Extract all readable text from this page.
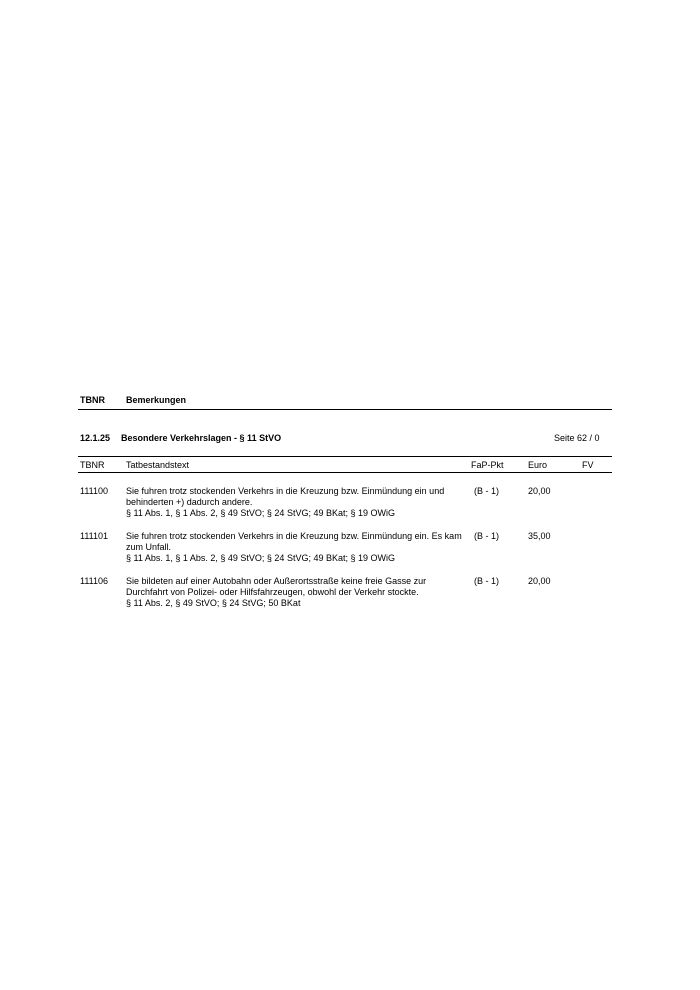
TBNR Bemerkungen
12.1.25 Besondere Verkehrslagen - § 11 StVO	Seite 62 / 0
TBNR Tatbestandstext	FaP-Pkt	Euro	FV
111100 Sie fuhren trotz stockenden Verkehrs in die Kreuzung bzw. Einmündung ein und behinderten +) dadurch andere.
§ 11 Abs. 1, § 1 Abs. 2, § 49 StVO; § 24 StVG; 49 BKat; § 19 OWiG
(B - 1)	20,00
111101 Sie fuhren trotz stockenden Verkehrs in die Kreuzung bzw. Einmündung ein. Es kam zum Unfall.
§ 11 Abs. 1, § 1 Abs. 2, § 49 StVO; § 24 StVG; 49 BKat; § 19 OWiG
(B - 1)	35,00
111106 Sie bildeten auf einer Autobahn oder Außerortsstraße keine freie Gasse zur Durchfahrt von Polizei- oder Hilfsfahrzeugen, obwohl der Verkehr stockte.
§ 11 Abs. 2, § 49 StVO; § 24 StVG; 50 BKat
(B - 1)	20,00
